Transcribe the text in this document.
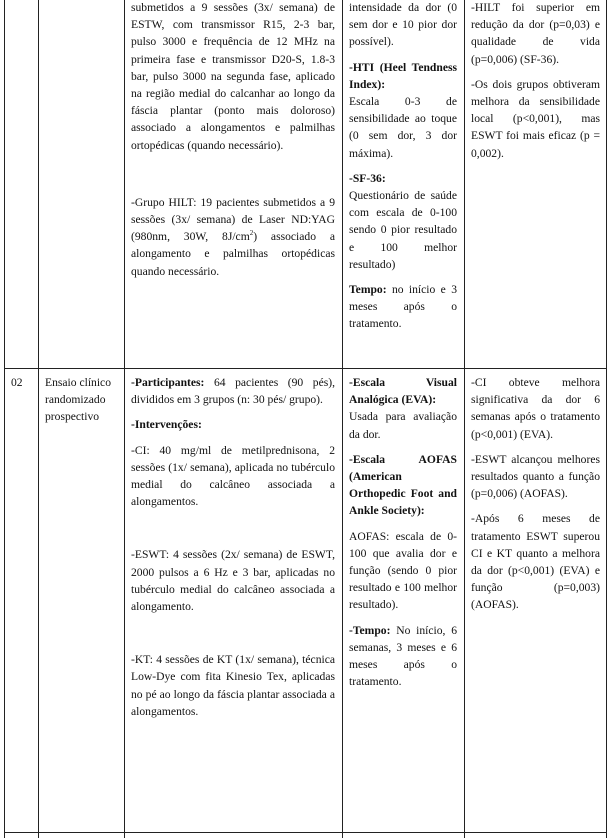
submetidos a 9 sessões (3x/ semana) de ESTW, com transmissor R15, 2-3 bar, pulso 3000 e frequência de 12 MHz na primeira fase e transmissor D20-S, 1.8-3 bar, pulso 3000 na segunda fase, aplicado na região medial do calcanhar ao longo da fáscia plantar (ponto mais doloroso) associado a alongamentos e palmilhas ortopédicas (quando necessário).

-Grupo HILT: 19 pacientes submetidos a 9 sessões (3x/ semana) de Laser ND:YAG (980nm, 30W, $8J/cm^2$) associado a alongamento e palmilhas ortopédicas quando necessário.

intensidade da dor (0 sem dor e 10 pior dor possível).

-HTI (Heel Tendness Index):

Escala 0-3 de sensibilidade ao toque (0 sem dor, 3 dor máxima).

-SF-36:

Questionário de saúde com escala de 0-100 sendo 0 pior resultado e 100 melhor resultado)

Tempo: no início e 3 meses após o tratamento.

-HILT foi superior em redução da dor (p=0,03) e qualidade de vida (p=0,006) (SF-36).

-Os dois grupos obtiveram melhora da sensibilidade local (p<0,001), mas ESWT foi mais eficaz (p = 0,002).

02	Ensaio clínico randomizado prospectivo

-Participantes: 64 pacientes (90 pés), divididos em 3 grupos (n: 30 pés/ grupo).

-Intervenções:

-CI: 40 mg/ml de metilprednisona, 2 sessões (1x/ semana), aplicada no tubérculo medial do calcâneo associada a alongamentos.

-ESWT: 4 sessões (2x/ semana) de ESWT, 2000 pulsos a 6 Hz e 3 bar, aplicadas no tubérculo medial do calcâneo associada a alongamento.

-KT: 4 sessões de KT (1x/ semana), técnica Low-Dye com fita Kinesio Tex, aplicadas no pé ao longo da fáscia plantar associada a alongamentos.

-Escala Visual Analógica (EVA):

Usada para avaliação da dor.

-Escala AOFAS (American Orthopedic Foot and Ankle Society):

AOFAS: escala de 0-100 que avalia dor e função (sendo 0 pior resultado e 100 melhor resultado).

-Tempo: No início, 6 semanas, 3 meses e 6 meses após o tratamento.

-CI obteve melhora significativa da dor 6 semanas após o tratamento (p<0,001) (EVA).

-ESWT alcançou melhores resultados quanto a função (p=0,006) (AOFAS).

-Após 6 meses de tratamento ESWT superou CI e KT quanto a melhora da dor (p<0,001) (EVA) e função (p=0,003) (AOFAS).
